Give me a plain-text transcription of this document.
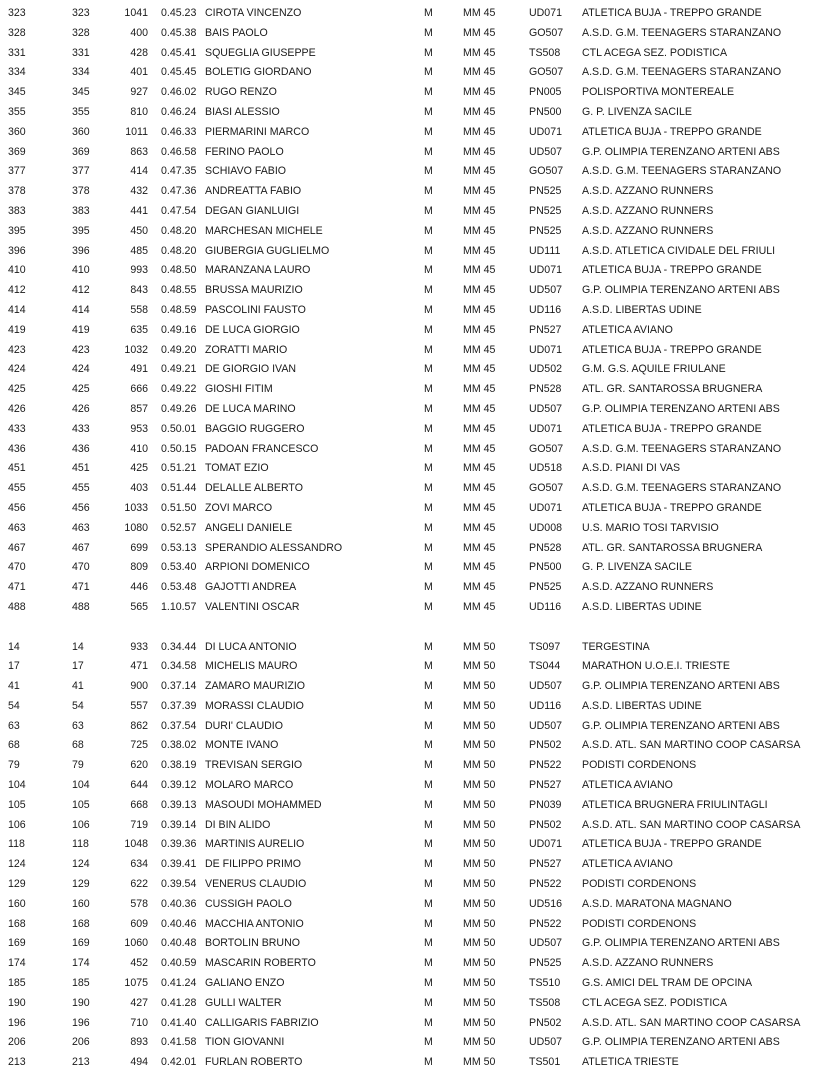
323	323	1041 0.45.23 CIROTA VINCENZO	M	MM 45	UD071 ATLETICA BUJA - TREPPO GRANDE
328	328	400 0.45.38 BAIS PAOLO	M	MM 45	GO507 A.S.D. G.M. TEENAGERS STARANZANO
331	331	428 0.45.41 SQUEGLIA GIUSEPPE	M	MM 45	TS508 CTL ACEGA SEZ. PODISTICA
334	334	401 0.45.45 BOLETIG GIORDANO	M	MM 45	GO507 A.S.D. G.M. TEENAGERS STARANZANO
345	345	927 0.46.02 RUGO RENZO	M	MM 45	PN005 POLISPORTIVA MONTEREALE
355	355	810 0.46.24 BIASI ALESSIO	M	MM 45	PN500 G. P. LIVENZA SACILE
360	360	1011 0.46.33 PIERMARINI MARCO	M	MM 45	UD071 ATLETICA BUJA - TREPPO GRANDE
369	369	863 0.46.58 FERINO PAOLO	M	MM 45	UD507 G.P. OLIMPIA TERENZANO ARTENI ABS
377	377	414 0.47.35 SCHIAVO FABIO	M	MM 45	GO507 A.S.D. G.M. TEENAGERS STARANZANO
378	378	432 0.47.36 ANDREATTA FABIO	M	MM 45	PN525 A.S.D. AZZANO RUNNERS
383	383	441 0.47.54 DEGAN GIANLUIGI	M	MM 45	PN525 A.S.D. AZZANO RUNNERS
395	395	450 0.48.20 MARCHESAN MICHELE	M	MM 45	PN525 A.S.D. AZZANO RUNNERS
396	396	485 0.48.20 GIUBERGIA GUGLIELMO	M	MM 45	UD111 A.S.D. ATLETICA CIVIDALE DEL FRIULI
410	410	993 0.48.50 MARANZANA LAURO	M	MM 45	UD071 ATLETICA BUJA - TREPPO GRANDE
412	412	843 0.48.55 BRUSSA MAURIZIO	M	MM 45	UD507 G.P. OLIMPIA TERENZANO ARTENI ABS
414	414	558 0.48.59 PASCOLINI FAUSTO	M	MM 45	UD116 A.S.D. LIBERTAS UDINE
419	419	635 0.49.16 DE LUCA GIORGIO	M	MM 45	PN527 ATLETICA AVIANO
423	423	1032 0.49.20 ZORATTI MARIO	M	MM 45	UD071 ATLETICA BUJA - TREPPO GRANDE
424	424	491 0.49.21 DE GIORGIO IVAN	M	MM 45	UD502 G.M. G.S. AQUILE FRIULANE
425	425	666 0.49.22 GIOSHI FITIM	M	MM 45	PN528 ATL. GR. SANTAROSSA BRUGNERA
426	426	857 0.49.26 DE LUCA MARINO	M	MM 45	UD507 G.P. OLIMPIA TERENZANO ARTENI ABS
433	433	953 0.50.01 BAGGIO RUGGERO	M	MM 45	UD071 ATLETICA BUJA - TREPPO GRANDE
436	436	410 0.50.15 PADOAN FRANCESCO	M	MM 45	GO507 A.S.D. G.M. TEENAGERS STARANZANO
451	451	425 0.51.21 TOMAT EZIO	M	MM 45	UD518 A.S.D. PIANI DI VAS
455	455	403 0.51.44 DELALLE ALBERTO	M	MM 45	GO507 A.S.D. G.M. TEENAGERS STARANZANO
456	456	1033 0.51.50 ZOVI MARCO	M	MM 45	UD071 ATLETICA BUJA - TREPPO GRANDE
463	463	1080 0.52.57 ANGELI DANIELE	M	MM 45	UD008 U.S. MARIO TOSI TARVISIO
467	467	699 0.53.13 SPERANDIO ALESSANDRO	M	MM 45	PN528 ATL. GR. SANTAROSSA BRUGNERA
470	470	809 0.53.40 ARPIONI DOMENICO	M	MM 45	PN500 G. P. LIVENZA SACILE
471	471	446 0.53.48 GAJOTTI ANDREA	M	MM 45	PN525 A.S.D. AZZANO RUNNERS
488	488	565 1.10.57 VALENTINI OSCAR	M	MM 45	UD116 A.S.D. LIBERTAS UDINE
14	14	933 0.34.44 DI LUCA ANTONIO	M	MM 50	TS097 TERGESTINA
17	17	471 0.34.58 MICHELIS MAURO	M	MM 50	TS044 MARATHON U.O.E.I. TRIESTE
41	41	900 0.37.14 ZAMARO MAURIZIO	M	MM 50	UD507 G.P. OLIMPIA TERENZANO ARTENI ABS
54	54	557 0.37.39 MORASSI CLAUDIO	M	MM 50	UD116 A.S.D. LIBERTAS UDINE
63	63	862 0.37.54 DURI' CLAUDIO	M	MM 50	UD507 G.P. OLIMPIA TERENZANO ARTENI ABS
68	68	725 0.38.02 MONTE IVANO	M	MM 50	PN502 A.S.D. ATL. SAN MARTINO COOP CASARSA
79	79	620 0.38.19 TREVISAN SERGIO	M	MM 50	PN522 PODISTI CORDENONS
104	104	644 0.39.12 MOLARO MARCO	M	MM 50	PN527 ATLETICA AVIANO
105	105	668 0.39.13 MASOUDI MOHAMMED	M	MM 50	PN039 ATLETICA BRUGNERA FRIULINTAGLI
106	106	719 0.39.14 DI BIN ALIDO	M	MM 50	PN502 A.S.D. ATL. SAN MARTINO COOP CASARSA
118	118	1048 0.39.36 MARTINIS AURELIO	M	MM 50	UD071 ATLETICA BUJA - TREPPO GRANDE
124	124	634 0.39.41 DE FILIPPO PRIMO	M	MM 50	PN527 ATLETICA AVIANO
129	129	622 0.39.54 VENERUS CLAUDIO	M	MM 50	PN522 PODISTI CORDENONS
160	160	578 0.40.36 CUSSIGH PAOLO	M	MM 50	UD516 A.S.D. MARATONA MAGNANO
168	168	609 0.40.46 MACCHIA ANTONIO	M	MM 50	PN522 PODISTI CORDENONS
169	169	1060 0.40.48 BORTOLIN BRUNO	M	MM 50	UD507 G.P. OLIMPIA TERENZANO ARTENI ABS
174	174	452 0.40.59 MASCARIN ROBERTO	M	MM 50	PN525 A.S.D. AZZANO RUNNERS
185	185	1075 0.41.24 GALIANO ENZO	M	MM 50	TS510 G.S. AMICI DEL TRAM DE OPCINA
190	190	427 0.41.28 GULLI WALTER	M	MM 50	TS508 CTL ACEGA SEZ. PODISTICA
196	196	710 0.41.40 CALLIGARIS FABRIZIO	M	MM 50	PN502 A.S.D. ATL. SAN MARTINO COOP CASARSA
206	206	893 0.41.58 TION GIOVANNI	M	MM 50	UD507 G.P. OLIMPIA TERENZANO ARTENI ABS
213	213	494 0.42.01 FURLAN ROBERTO	M	MM 50	TS501 ATLETICA TRIESTE
